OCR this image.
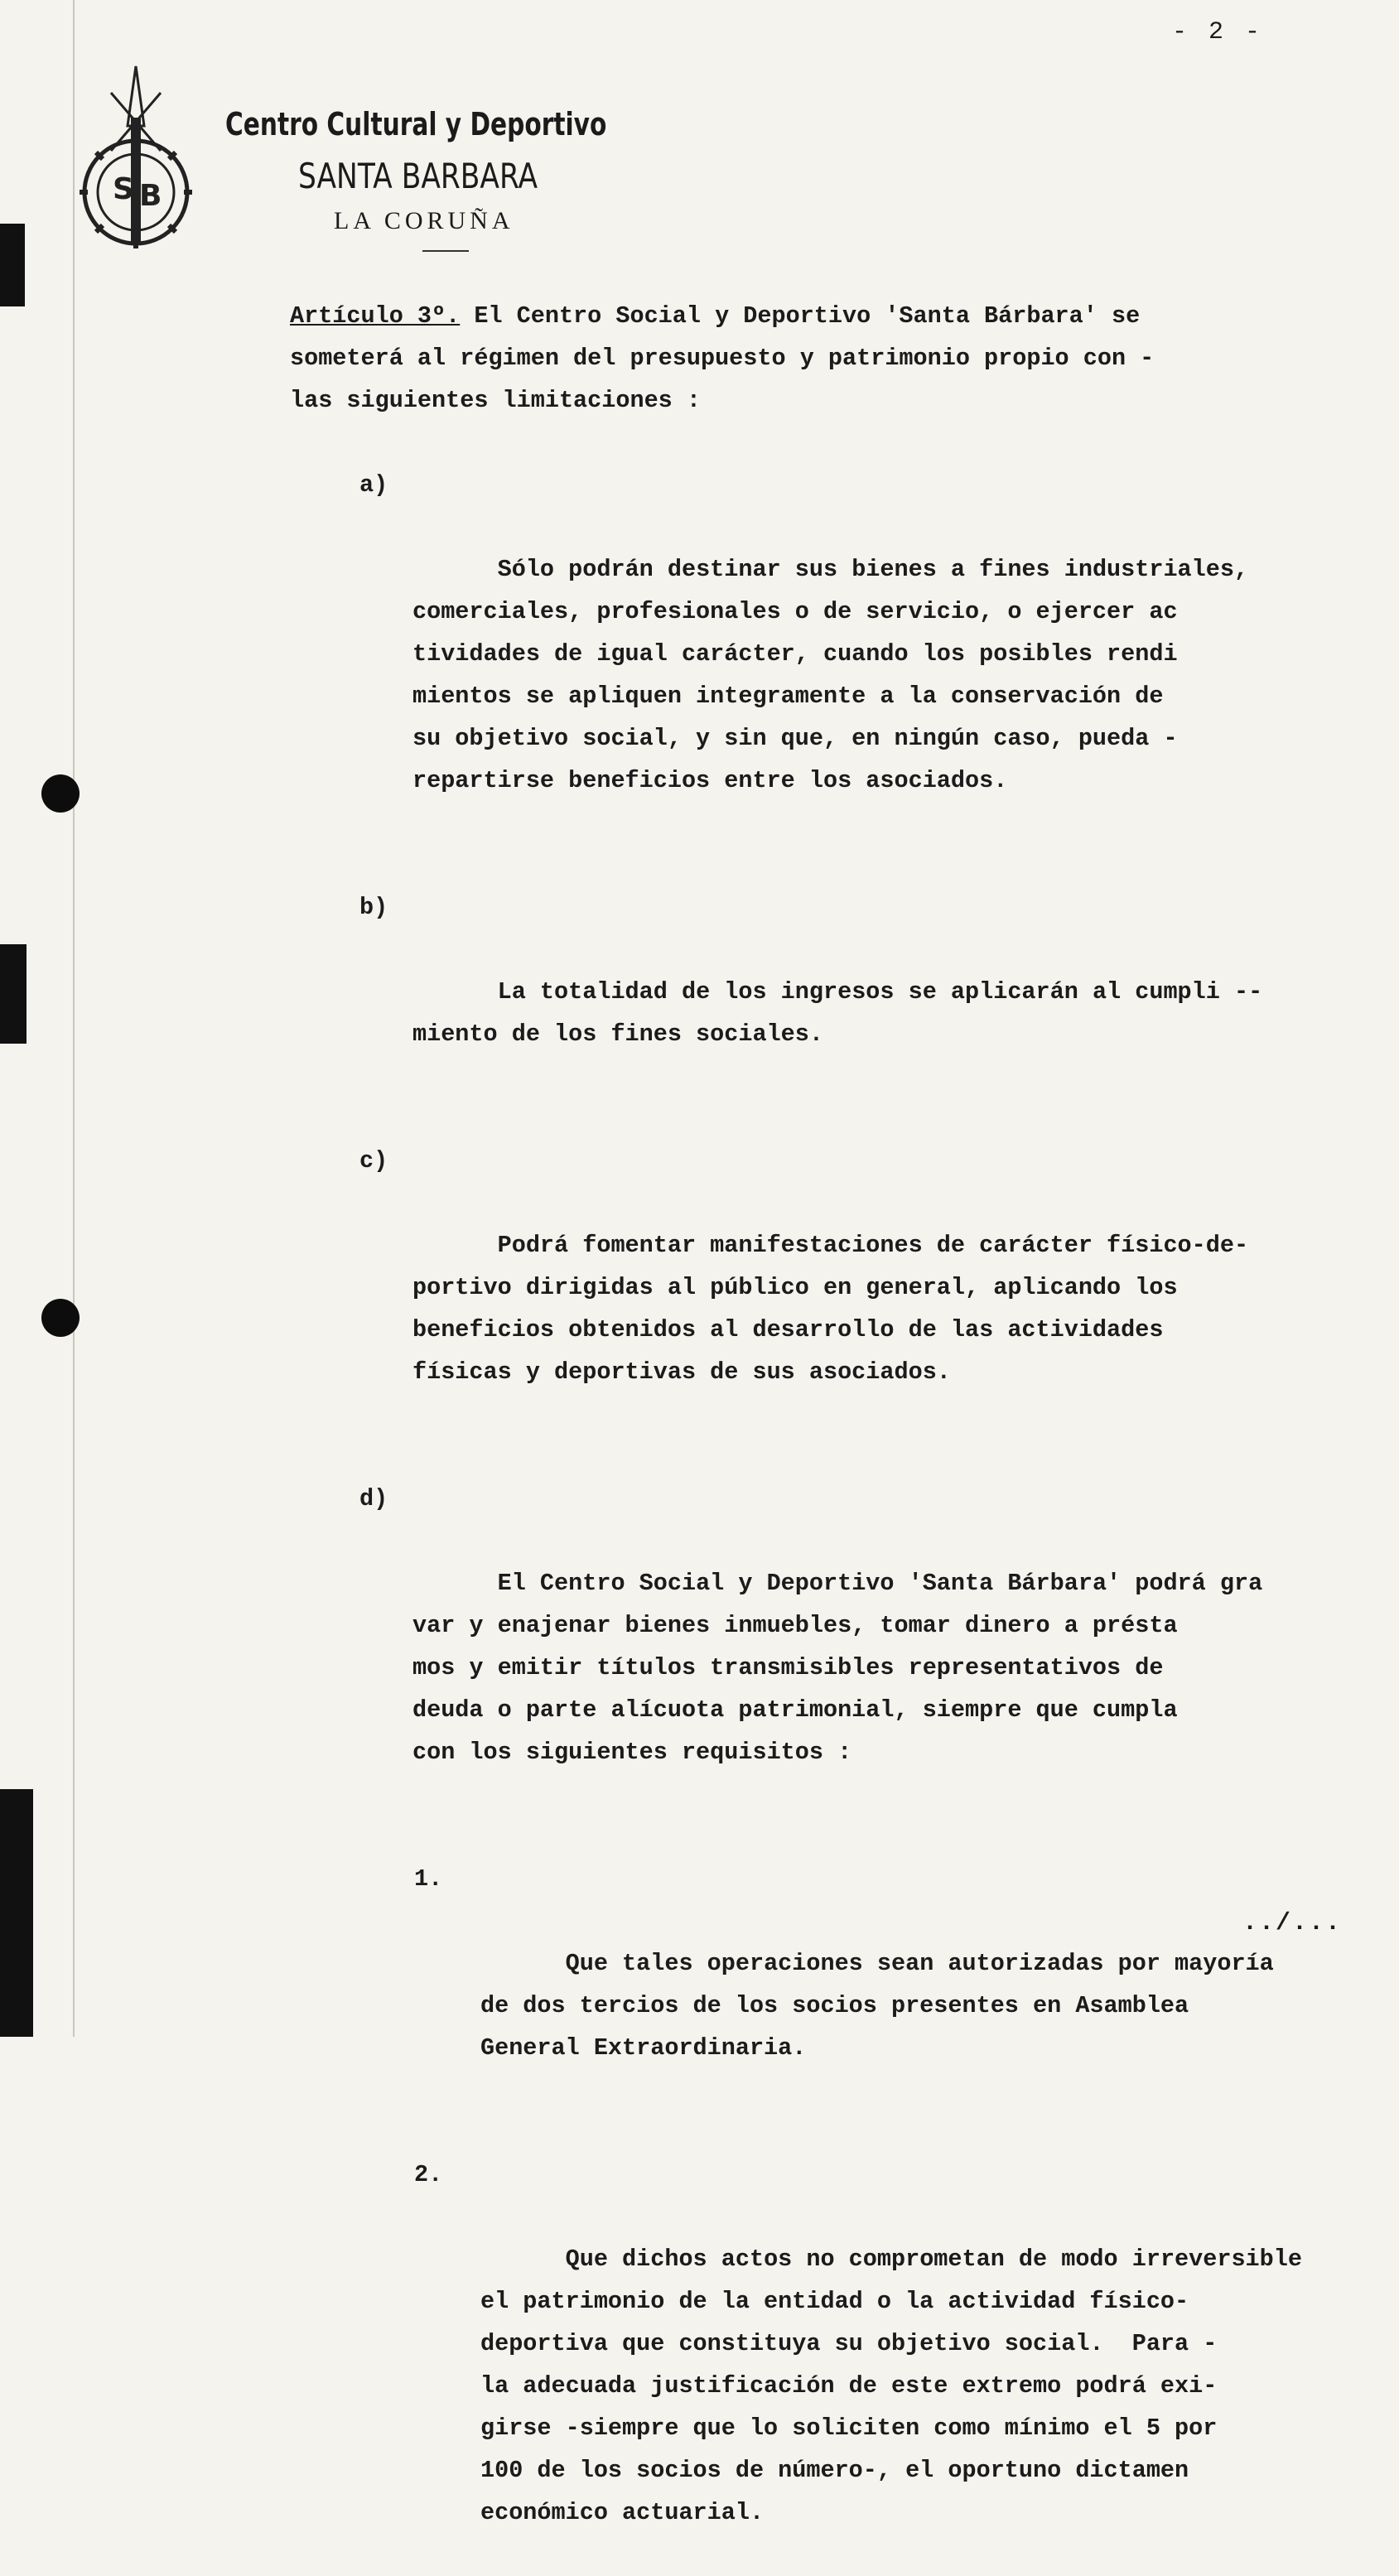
- 2 -
S B
Centro Cultural y Deportivo
SANTA BARBARA
LA CORUÑA

Artículo 3º. El Centro Social y Deportivo 'Santa Bárbara' se
someterá al régimen del presupuesto y patrimonio propio con -
las siguientes limitaciones :

a)

Sólo podrán destinar sus bienes a fines industriales,
comerciales, profesionales o de servicio, o ejercer ac
tividades de igual carácter, cuando los posibles rendi
mientos se apliquen integramente a la conservación de
su objetivo social, y sin que, en ningún caso, pueda -
repartirse beneficios entre los asociados.

b)

La totalidad de los ingresos se aplicarán al cumpli --
miento de los fines sociales.

c)

Podrá fomentar manifestaciones de carácter físico-de-
portivo dirigidas al público en general, aplicando los
beneficios obtenidos al desarrollo de las actividades
físicas y deportivas de sus asociados.

d)

El Centro Social y Deportivo 'Santa Bárbara' podrá gra
var y enajenar bienes inmuebles, tomar dinero a présta
mos y emitir títulos transmisibles representativos de
deuda o parte alícuota patrimonial, siempre que cumpla
con los siguientes requisitos :

1.

Que tales operaciones sean autorizadas por mayoría
de dos tercios de los socios presentes en Asamblea
General Extraordinaria.

2.

Que dichos actos no comprometan de modo irreversible
el patrimonio de la entidad o la actividad físico-
deportiva que constituya su objetivo social.  Para -
la adecuada justificación de este extremo podrá exi-
girse -siempre que lo soliciten como mínimo el 5 por
100 de los socios de número-, el oportuno dictamen
económico actuarial.

../...
